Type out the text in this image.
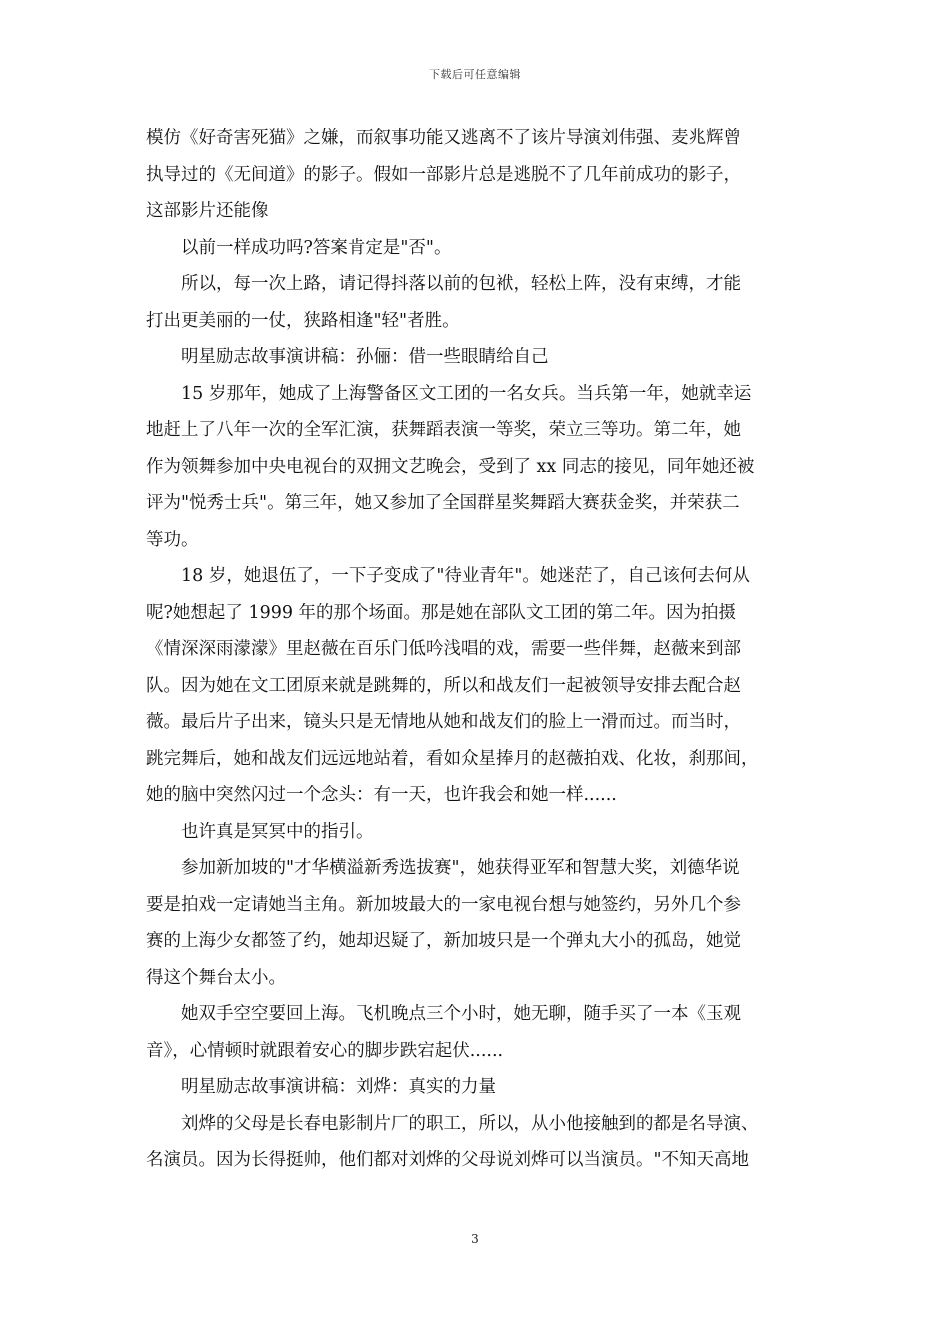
下载后可任意编辑

模仿《好奇害死猫》之嫌，而叙事功能又逃离不了该片导演刘伟强、麦兆辉曾
执导过的《无间道》的影子。假如一部影片总是逃脱不了几年前成功的影子，
这部影片还能像

以前一样成功吗?答案肯定是"否"。

所以，每一次上路，请记得抖落以前的包袱，轻松上阵，没有束缚，才能
打出更美丽的一仗，狭路相逢"轻"者胜。

明星励志故事演讲稿：孙俪：借一些眼睛给自己

15 岁那年，她成了上海警备区文工团的一名女兵。当兵第一年，她就幸运
地赶上了八年一次的全军汇演，获舞蹈表演一等奖，荣立三等功。第二年，她
作为领舞参加中央电视台的双拥文艺晚会，受到了 xx 同志的接见，同年她还被
评为"悦秀士兵"。第三年，她又参加了全国群星奖舞蹈大赛获金奖，并荣获二
等功。

18 岁，她退伍了，一下子变成了"待业青年"。她迷茫了，自己该何去何从
呢?她想起了 1999 年的那个场面。那是她在部队文工团的第二年。因为拍摄
《情深深雨濛濛》里赵薇在百乐门低吟浅唱的戏，需要一些伴舞，赵薇来到部
队。因为她在文工团原来就是跳舞的，所以和战友们一起被领导安排去配合赵
薇。最后片子出来，镜头只是无情地从她和战友们的脸上一滑而过。而当时，
跳完舞后，她和战友们远远地站着，看如众星捧月的赵薇拍戏、化妆，刹那间，
她的脑中突然闪过一个念头：有一天，也许我会和她一样......

也许真是冥冥中的指引。

参加新加坡的"才华横溢新秀选拔赛"，她获得亚军和智慧大奖，刘德华说
要是拍戏一定请她当主角。新加坡最大的一家电视台想与她签约，另外几个参
赛的上海少女都签了约，她却迟疑了，新加坡只是一个弹丸大小的孤岛，她觉
得这个舞台太小。

她双手空空要回上海。飞机晚点三个小时，她无聊，随手买了一本《玉观
音》，心情顿时就跟着安心的脚步跌宕起伏......

明星励志故事演讲稿：刘烨：真实的力量

刘烨的父母是长春电影制片厂的职工，所以，从小他接触到的都是名导演、
名演员。因为长得挺帅，他们都对刘烨的父母说刘烨可以当演员。"不知天高地

3
